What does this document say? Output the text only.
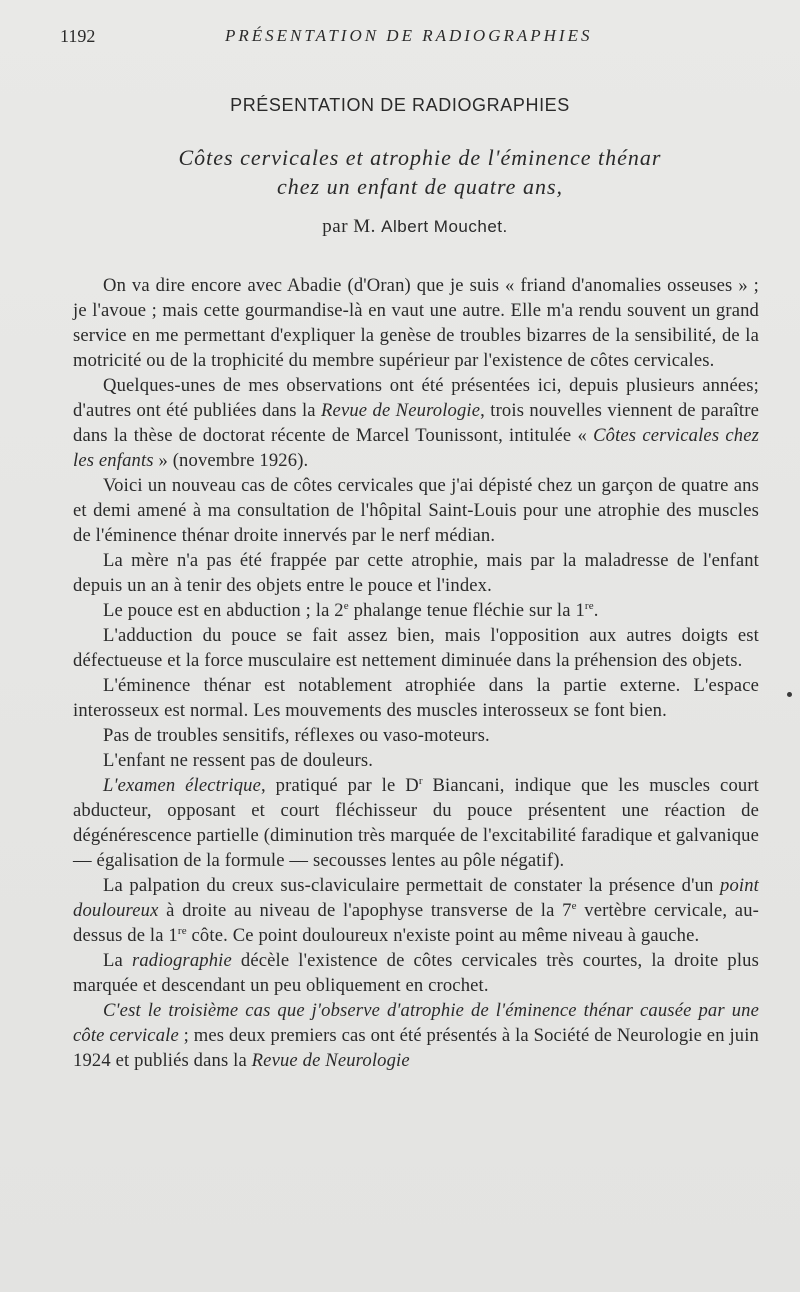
1192	PRÉSENTATION DE RADIOGRAPHIES
PRÉSENTATION DE RADIOGRAPHIES
Côtes cervicales et atrophie de l'éminence thénar
chez un enfant de quatre ans,
par M. Albert Mouchet.

On va dire encore avec Abadie (d'Oran) que je suis « friand d'anomalies osseuses » ; je l'avoue ; mais cette gourmandise-là en vaut une autre. Elle m'a rendu souvent un grand service en me permettant d'expliquer la genèse de troubles bizarres de la sensibilité, de la motricité ou de la trophicité du membre supérieur par l'existence de côtes cervicales.

Quelques-unes de mes observations ont été présentées ici, depuis plusieurs années; d'autres ont été publiées dans la Revue de Neurologie, trois nouvelles viennent de paraître dans la thèse de doctorat récente de Marcel Tounissont, intitulée « Côtes cervicales chez les enfants » (novembre 1926).

Voici un nouveau cas de côtes cervicales que j'ai dépisté chez un garçon de quatre ans et demi amené à ma consultation de l'hôpital Saint-Louis pour une atrophie des muscles de l'éminence thénar droite innervés par le nerf médian.

La mère n'a pas été frappée par cette atrophie, mais par la maladresse de l'enfant depuis un an à tenir des objets entre le pouce et l'index.

Le pouce est en abduction ; la 2e phalange tenue fléchie sur la 1re.

L'adduction du pouce se fait assez bien, mais l'opposition aux autres doigts est défectueuse et la force musculaire est nettement diminuée dans la préhension des objets.

L'éminence thénar est notablement atrophiée dans la partie externe. L'espace interosseux est normal. Les mouvements des muscles interosseux se font bien.

Pas de troubles sensitifs, réflexes ou vaso-moteurs.

L'enfant ne ressent pas de douleurs.

L'examen électrique, pratiqué par le $D^r$ Biancani, indique que les muscles court abducteur, opposant et court fléchisseur du pouce présentent une réaction de dégénérescence partielle (diminution très marquée de l'excitabilité faradique et galvanique — égalisation de la formule — secousses lentes au pôle négatif).

La palpation du creux sus-claviculaire permettait de constater la présence d'un point douloureux à droite au niveau de l'apophyse transverse de la 7e vertèbre cervicale, au-dessus de la 1re côte. Ce point douloureux n'existe point au même niveau à gauche.

La radiographie décèle l'existence de côtes cervicales très courtes, la droite plus marquée et descendant un peu obliquement en crochet.

C'est le troisième cas que j'observe d'atrophie de l'éminence thénar causée par une côte cervicale ; mes deux premiers cas ont été présentés à la Société de Neurologie en juin 1924 et publiés dans la Revue de Neurologie
